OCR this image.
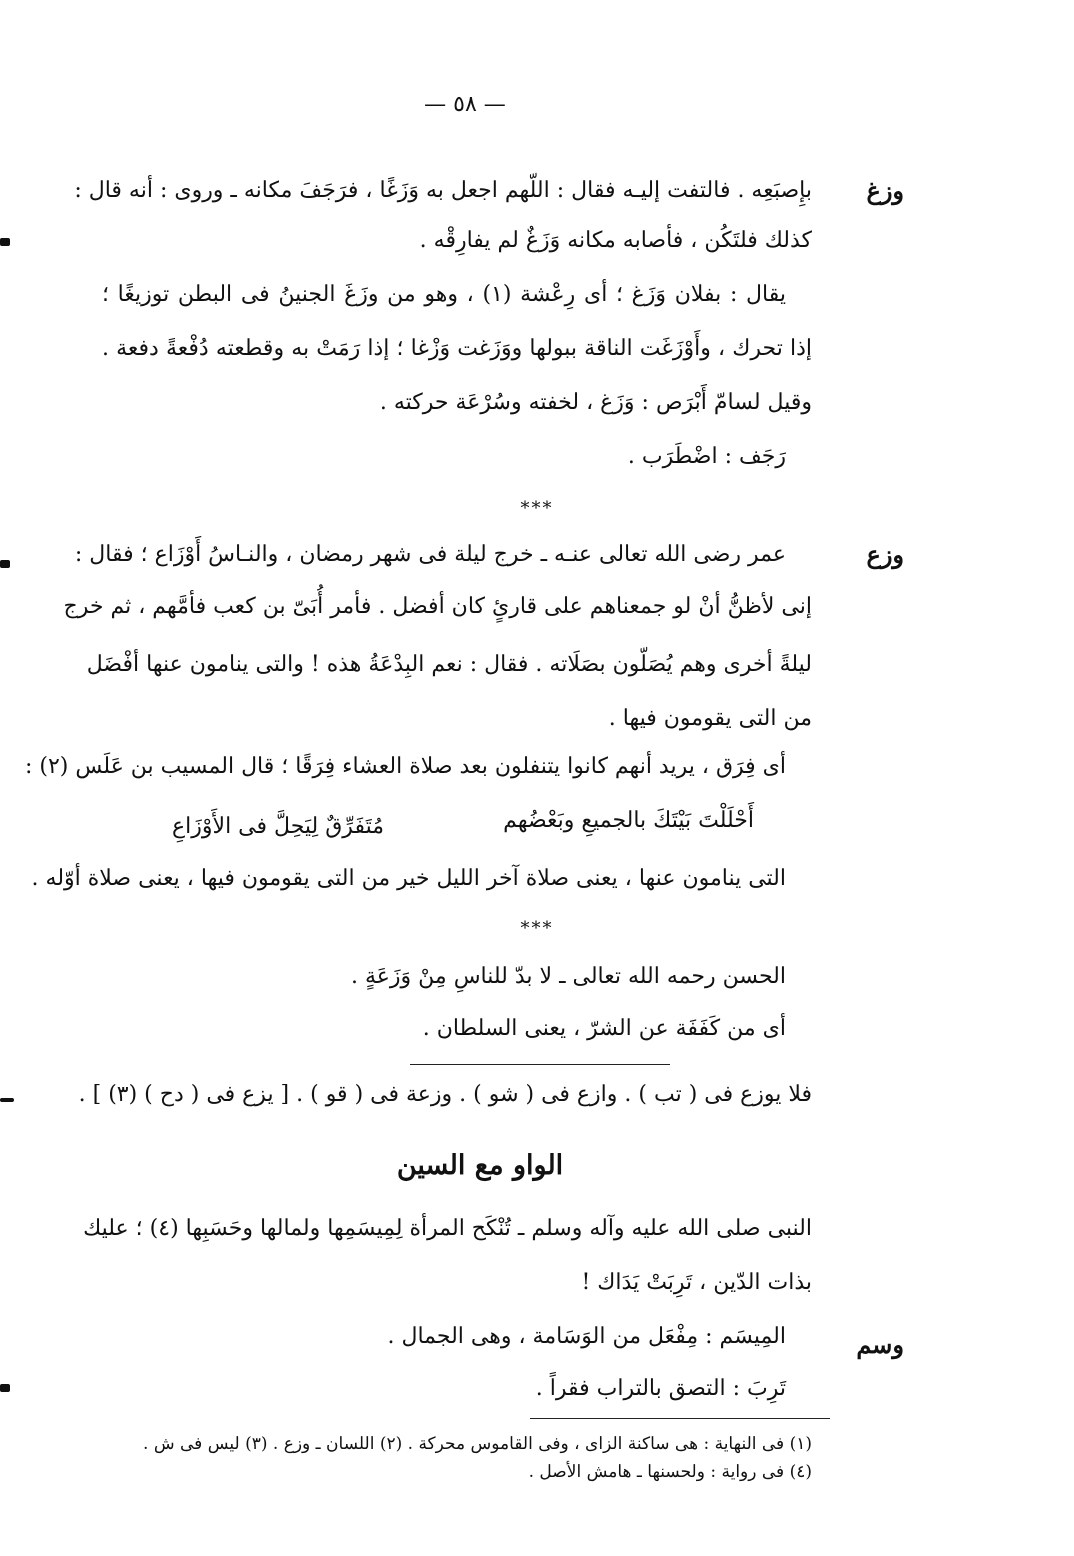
— ٥٨ —
وزغ
بإِصبَعِه . فالتفت إليـه فقال : اللّهم اجعل به وَزَغًا ، فرَجَفَ مكانه ـ وروى : أنه قال :
كذلك فلتَكُن ، فأصابه مكانه وَزَغٌ لم يفارِقْه .
يقال : بفلان وَزَغ ؛ أى رِعْشة (١) ، وهو من وزَغَ الجنينُ فى البطن توزيغًا ؛
إذا تحرك ، وأَوْزَغَت الناقة ببولها ووَزَغت وَزْغا ؛ إذا رَمَتْ به وقطعته دُفْعةً دفعة .
وقيل لسامّ أَبْرَص : وَزَغ ، لخفته وسُرْعَة حركته .
رَجَف : اضْطَرَب .
***
وزع
عمر رضى الله تعالى عنـه ـ خرج ليلة فى شهر رمضان ، والنـاسُ أَوْزَاع ؛ فقال :
إنى لأظنُّ أنْ لو جمعناهم على قارئٍ كان أفضل . فأمر أُبَىّ بن كعب فأمَّهم ، ثم خرج
ليلةً أخرى وهم يُصَلّون بصَلَاته . فقال : نعم البِدْعَةُ هذه ! والتى ينامون عنها أفْضَل
من التى يقومون فيها .
أى فِرَق ، يريد أنهم كانوا يتنفلون بعد صلاة العشاء فِرَقًا ؛ قال المسيب بن عَلَس (٢) :
أَحْلَلْتَ بَيْتَكَ بالجميعِ وبَعْضُهم
مُتَفَرِّقٌ لِيَحِلَّ فى الأَوْزَاعِ
التى ينامون عنها ، يعنى صلاة آخر الليل خير من التى يقومون فيها ، يعنى صلاة أوّله .
***
الحسن رحمه الله تعالى ـ لا بدّ للناسِ مِنْ وَزَعَةٍ .
أى من كَفَفَة عن الشرّ ، يعنى السلطان .
فلا يوزع فى ( تب ) . وازع فى ( شو ) . وزعة فى ( قو ) . [ يزع فى ( دح ) (٣) ] .
الواو مع السين
النبى صلى الله عليه وآله وسلم ـ تُنْكَح المرأة لِمِيسَمِها ولمالها وحَسَبِها (٤) ؛ عليك
بذات الدّين ، تَرِبَتْ يَدَاك !
وسم
المِيسَم : مِفْعَل من الوَسَامة ، وهى الجمال .
تَرِبَ : التصق بالتراب فقراً .
(١) فى النهاية : هى ساكنة الزاى ، وفى القاموس محركة . (٢) اللسان ـ وزع . (٣) ليس فى ش .
(٤) فى رواية : ولحسنها ـ هامش الأصل .
